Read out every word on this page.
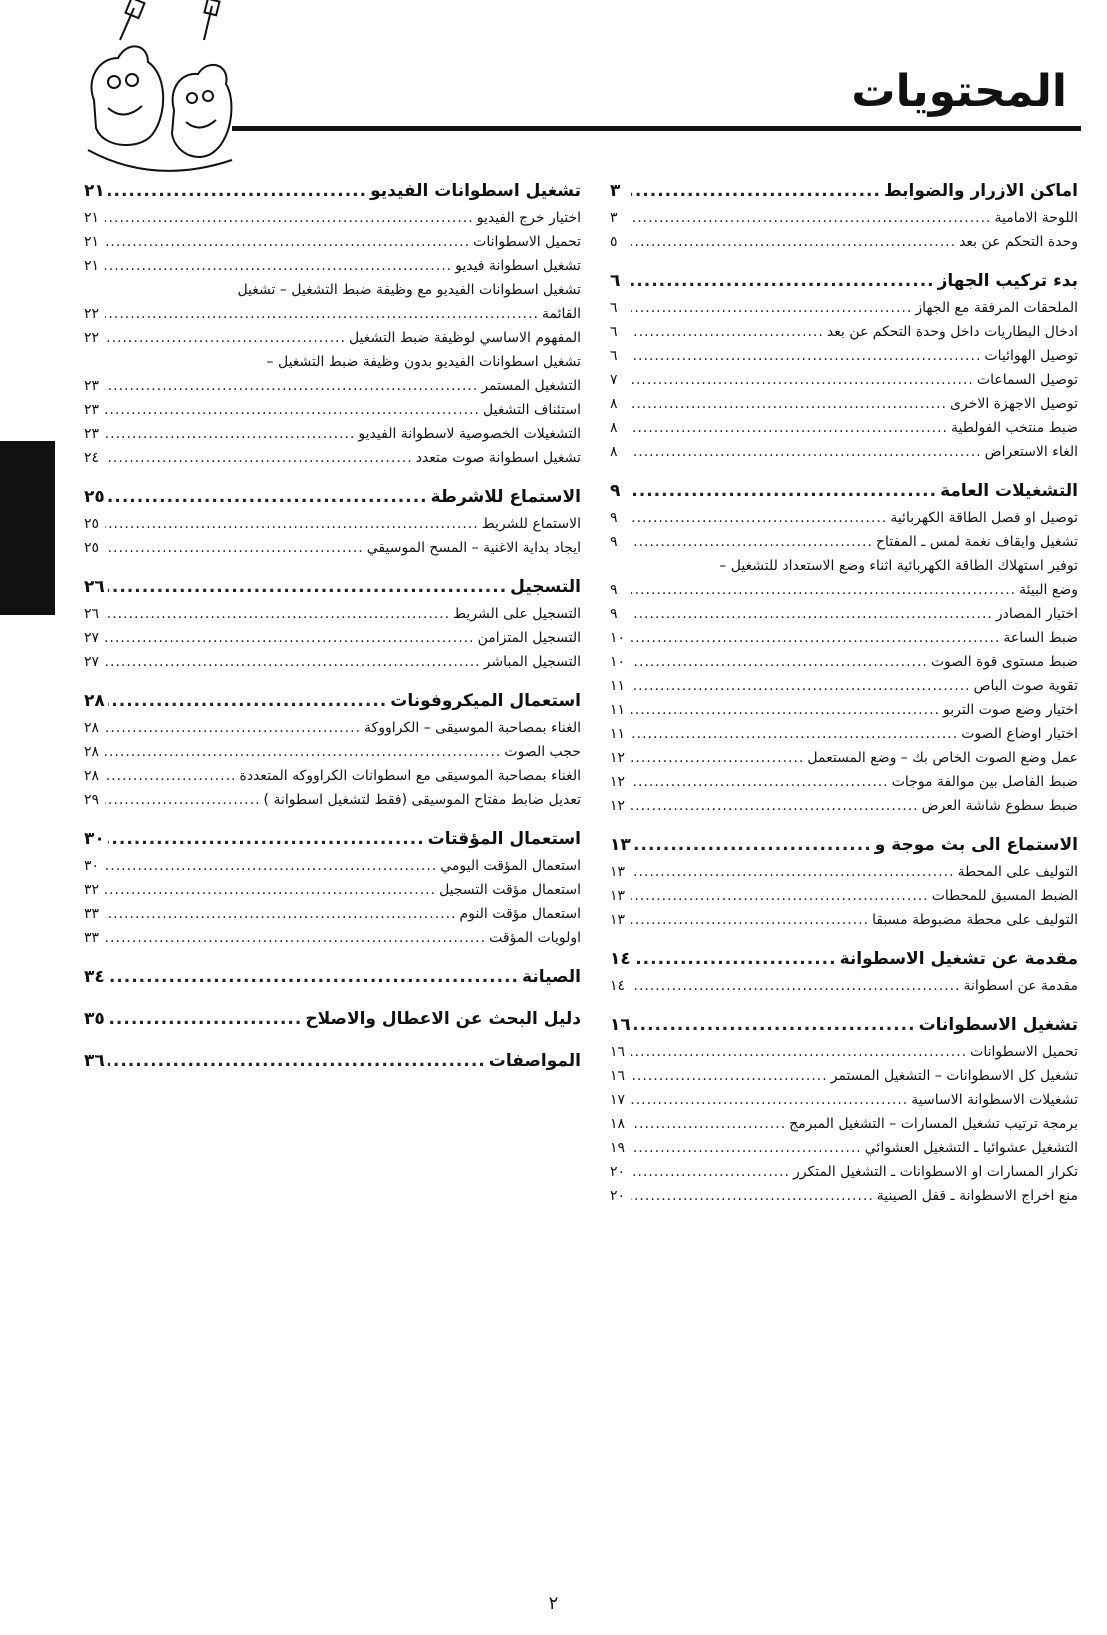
المحتويات
اماكن الازرار والضوابط
.....
٣
اللوحة الامامية
.....
٣
وحدة التحكم عن بعد
.....
٥
بدء تركيب الجهاز
.....
٦
الملحقات المرفقة مع الجهاز
.....
٦
ادخال البطاريات داخل وحدة التحكم عن بعد
.....
٦
توصيل الهوائيات
.....
٦
توصيل السماعات
.....
٧
توصيل الاجهزة الاخرى
.....
٨
ضبط منتخب الفولطية
.....
٨
الغاء الاستعراض
.....
٨
التشغيلات العامة
.....
٩
توصيل او فصل الطاقة الكهربائية
.....
٩
تشغيل وايقاف نغمة لمس ـ المفتاح
.....
٩
توفير استهلاك الطاقة الكهربائية اثناء وضع الاستعداد للتشغيل –
وضع البيئة
.....
٩
اختيار المصادر
.....
٩
ضبط الساعة
.....
١٠
ضبط مستوى قوة الصوت
.....
١٠
تقوية صوت الباص
.....
١١
اختيار وضع صوت التربو
.....
١١
اختيار اوضاع الصوت
.....
١١
عمل وضع الصوت الخاص بك – وضع المستعمل
.....
١٢
ضبط الفاصل بين موالفة موجات
.....
١٢
ضبط سطوع شاشة العرض
.....
١٢
الاستماع الى بث موجة و
.....
١٣
التوليف على المحطة
.....
١٣
الضبط المسبق للمحطات
.....
١٣
التوليف على محطة مضبوطة مسبقا
.....
١٣
مقدمة عن تشغيل الاسطوانة
.....
١٤
مقدمة عن اسطوانة
.....
١٤
تشغيل الاسطوانات
.....
١٦
تحميل الاسطوانات
.....
١٦
تشغيل كل الاسطوانات – التشغيل المستمر
.....
١٦
تشغيلات الاسطوانة الاساسية
.....
١٧
برمجة ترتيب تشغيل المسارات – التشغيل المبرمج
.....
١٨
التشغيل عشوائيا ـ التشغيل العشوائي
.....
١٩
تكرار المسارات او الاسطوانات ـ التشغيل المتكرر
.....
٢٠
منع اخراج الاسطوانة ـ قفل الصينية
.....
٢٠
تشغيل اسطوانات الفيديو
.....
٢١
اختيار خرج الفيديو
.....
٢١
تحميل الاسطوانات
.....
٢١
تشغيل اسطوانة فيديو
.....
٢١
تشغيل اسطوانات الفيديو مع وظيفة ضبط التشغيل – تشغيل
القائمة
.....
٢٢
المفهوم الاساسي لوظيفة ضبط التشغيل
.....
٢٢
تشغيل اسطوانات الفيديو بدون وظيفة ضبط التشغيل –
التشغيل المستمر
.....
٢٣
استئناف التشغيل
.....
٢٣
التشغيلات الخصوصية لاسطوانة الفيديو
.....
٢٣
تشغيل اسطوانة صوت متعدد
.....
٢٤
الاستماع للاشرطة
.....
٢٥
الاستماع للشريط
.....
٢٥
ايجاد بداية الاغنية – المسح الموسيقي
.....
٢٥
التسجيل
.....
٢٦
التسجيل على الشريط
.....
٢٦
التسجيل المتزامن
.....
٢٧
التسجيل المباشر
.....
٢٧
استعمال الميكروفونات
.....
٢٨
الغناء بمصاحبة الموسيقى – الكراووكة
.....
٢٨
حجب الصوت
.....
٢٨
الغناء بمصاحبة الموسيقى مع اسطوانات الكراووكه المتعددة
.....
٢٨
تعديل ضابط مفتاح الموسيقى (فقط لتشغيل اسطوانة )
.....
٢٩
استعمال المؤقتات
.....
٣٠
استعمال المؤقت اليومي
.....
٣٠
استعمال مؤقت التسجيل
.....
٣٢
استعمال مؤقت النوم
.....
٣٣
اولويات المؤقت
.....
٣٣
الصيانة
.....
٣٤
دليل البحث عن الاعطال والاصلاح
.....
٣٥
المواصفات
.....
٣٦
٢
